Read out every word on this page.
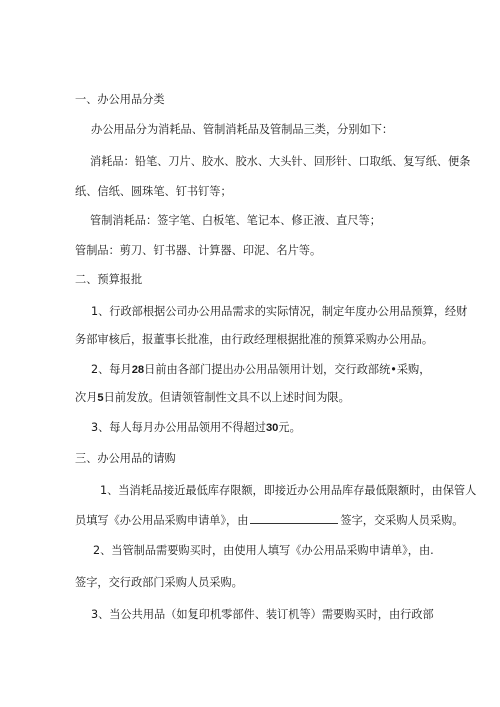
一、办公用品分类
办公用品分为消耗品、管制消耗品及管制品三类，分别如下：
消耗品：铅笔、刀片、胶水、胶水、大头针、回形针、口取纸、复写纸、便条
纸、信纸、圆珠笔、钉书钉等；
管制消耗品：签字笔、白板笔、笔记本、修正液、直尺等；
管制品：剪刀、钉书器、计算器、印泥、名片等。
二、预算报批
1、行政部根据公司办公用品需求的实际情况，制定年度办公用品预算，经财
务部审核后，报董事长批准，由行政经理根据批准的预算采购办公用品。
2、每月28日前由各部门提出办公用品领用计划，交行政部统•采购，
次月5日前发放。但请领管制性文具不以上述时间为限。
3、每人每月办公用品领用不得超过30元。
三、办公用品的请购
1、当消耗品接近最低库存限额，即接近办公用品库存最低限额时，由保管人
员填写《办公用品采购申请单》，由	签字，交采购人员采购。
2、当管制品需要购买时，由使用人填写《办公用品采购申请单》，由.
签字，交行政部门采购人员采购。
3、当公共用品（如复印机零部件、装订机等）需要购买时，由行政部
